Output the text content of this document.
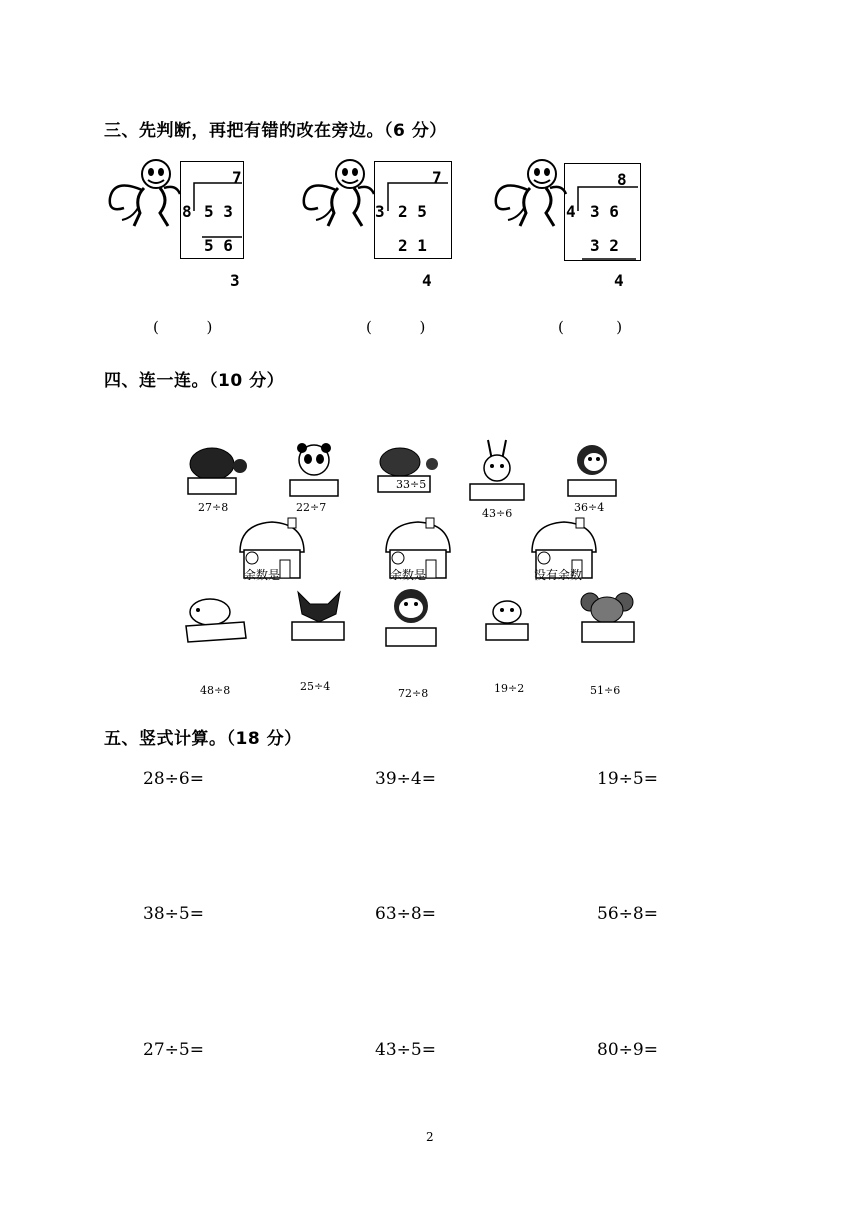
三、先判断，再把有错的改在旁边。（6 分）
7
8 5 3
5 6
3
(          )
7
3 2 5
2 1
4
(          )
8
4 3 6
3 2
4
(           )
四、连一连。（10 分）
27÷8	22÷7
33÷5
43÷6	36÷4
余数是	余数是	没有余数
48÷8	25÷4
72÷8	19÷2	51÷6
五、竖式计算。（18 分）
28÷6=	39÷4=	19÷5=
38÷5=	63÷8=	56÷8=
27÷5=	43÷5=	80÷9=
2
